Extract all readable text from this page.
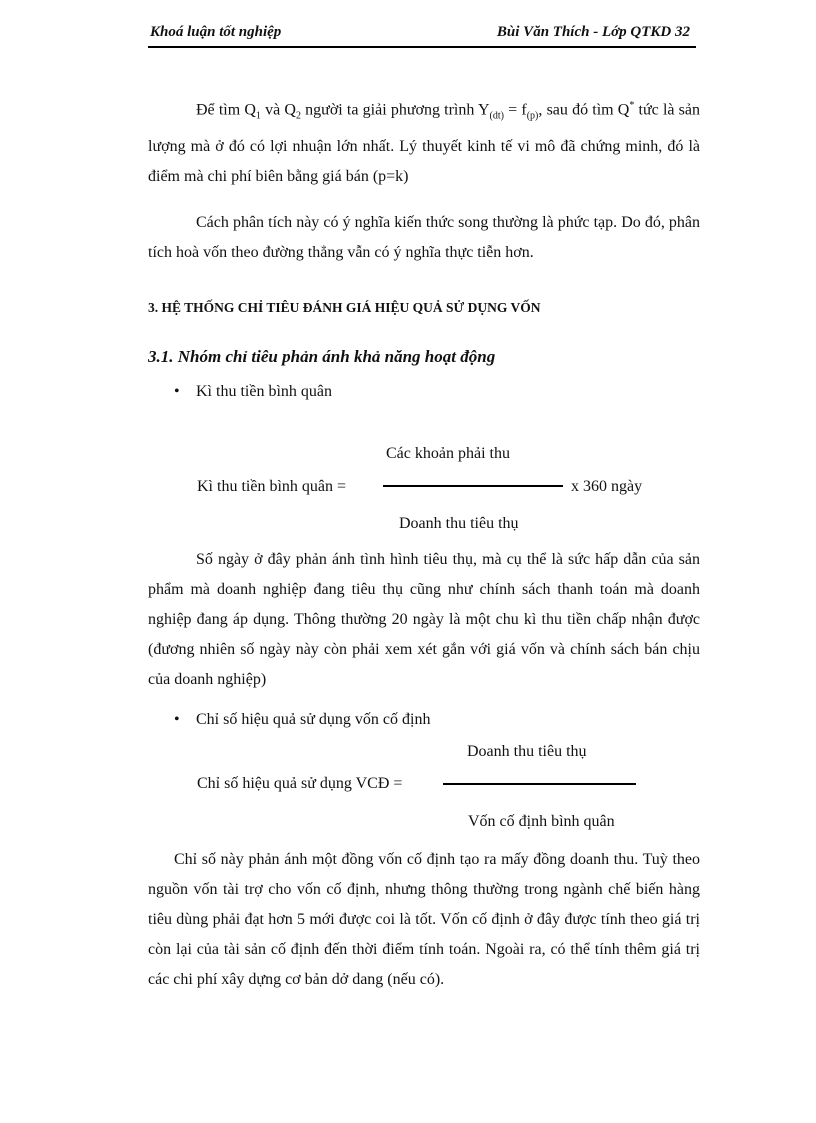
Khoá luận tốt nghiệp	Bùi Văn Thích - Lớp QTKD 32

Để tìm $Q_1$ và $Q_2$ người ta giải phương trình $Y_{(dt)} = f_{(p)}$, sau đó tìm Q* tức là sản lượng mà ở đó có lợi nhuận lớn nhất. Lý thuyết kinh tế vi mô đã chứng minh, đó là điểm mà chi phí biên bằng giá bán (p=k)

Cách phân tích này có ý nghĩa kiến thức song thường là phức tạp. Do đó, phân tích hoà vốn theo đường thẳng vẫn có ý nghĩa thực tiễn hơn.

3. HỆ THỐNG CHỈ TIÊU ĐÁNH GIÁ HIỆU QUẢ SỬ DỤNG VỐN
3.1. Nhóm chỉ tiêu phản ánh khả năng hoạt động
• Kì thu tiền bình quân
Các khoản phải thu
Kì thu tiền bình quân =	x 360 ngày
Doanh thu tiêu thụ

Số ngày ở đây phản ánh tình hình tiêu thụ, mà cụ thể là sức hấp dẫn của sản phẩm mà doanh nghiệp đang tiêu thụ cũng như chính sách thanh toán mà doanh nghiệp đang áp dụng. Thông thường 20 ngày là một chu kì thu tiền chấp nhận được (đương nhiên số ngày này còn phải xem xét gắn với giá vốn và chính sách bán chịu của doanh nghiệp)

• Chỉ số hiệu quả sử dụng vốn cố định
Doanh thu tiêu thụ
Chỉ số hiệu quả sử dụng VCĐ =
Vốn cố định bình quân

Chỉ số này phản ánh một đồng vốn cố định tạo ra mấy đồng doanh thu. Tuỳ theo nguồn vốn tài trợ cho vốn cố định, nhưng thông thường trong ngành chế biến hàng tiêu dùng phải đạt hơn 5 mới được coi là tốt. Vốn cố định ở đây được tính theo giá trị còn lại của tài sản cố định đến thời điểm tính toán. Ngoài ra, có thể tính thêm giá trị các chi phí xây dựng cơ bản dở dang (nếu có).
